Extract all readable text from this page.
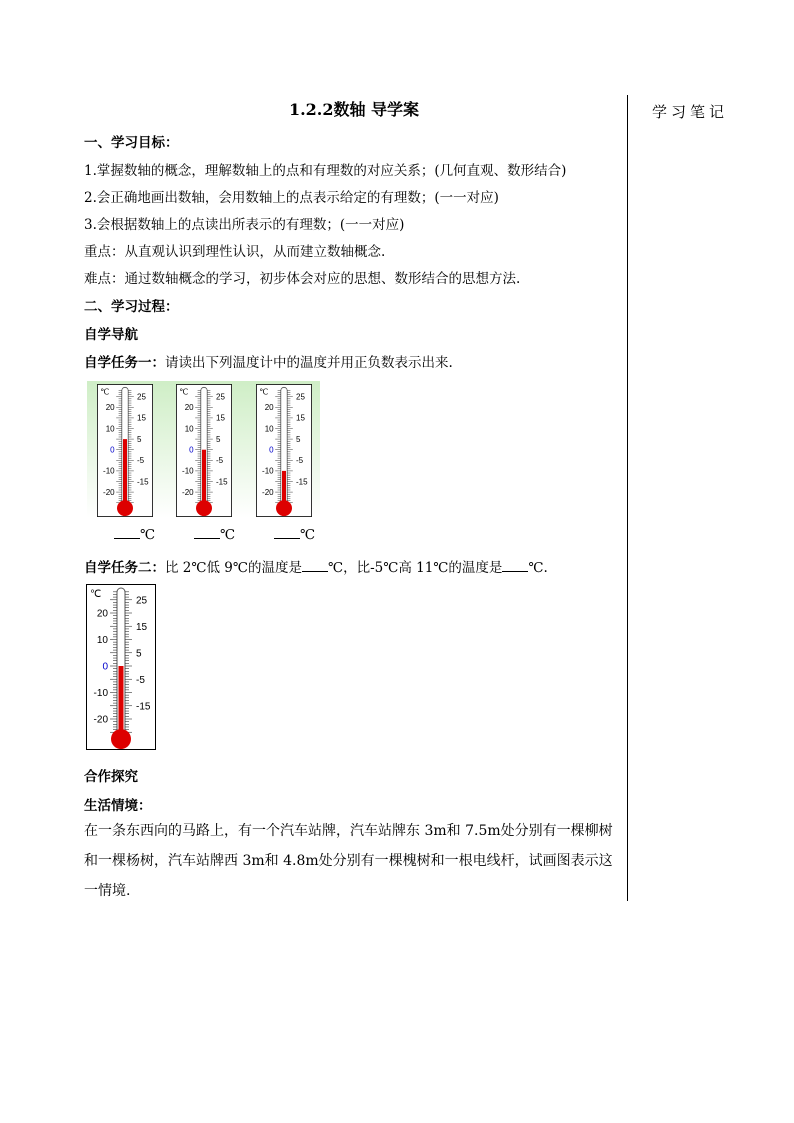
1.2.2数轴 导学案
一、学习目标：
1.掌握数轴的概念，理解数轴上的点和有理数的对应关系；(几何直观、数形结合)
2.会正确地画出数轴，会用数轴上的点表示给定的有理数；(一一对应)
3.会根据数轴上的点读出所表示的有理数；(一一对应)
重点：从直观认识到理性认识，从而建立数轴概念.
难点：通过数轴概念的学习，初步体会对应的思想、数形结合的思想方法.
二、学习过程：
自学导航
自学任务一：请读出下列温度计中的温度并用正负数表示出来.
℃	℃	℃
自学任务二：比 2℃低 9℃的温度是 ℃，比-5℃高 11℃的温度是 ℃.
合作探究
生活情境：
在一条东西向的马路上，有一个汽车站牌，汽车站牌东 3m和 7.5m处分别有一棵柳树和一棵杨树，汽车站牌西 3m和 4.8m处分别有一棵槐树和一根电线杆，试画图表示这一情境.
℃
20
10
0
-10
-20
25
15
5
-5
-15
℃
20
10
0
-10
-20
25
15
5
-5
-15
℃
20
10
0
-10
-20
25
15
5
-5
-15
℃
20
10
0
-10
-20
25
15
5
-5
-15
学习笔记
